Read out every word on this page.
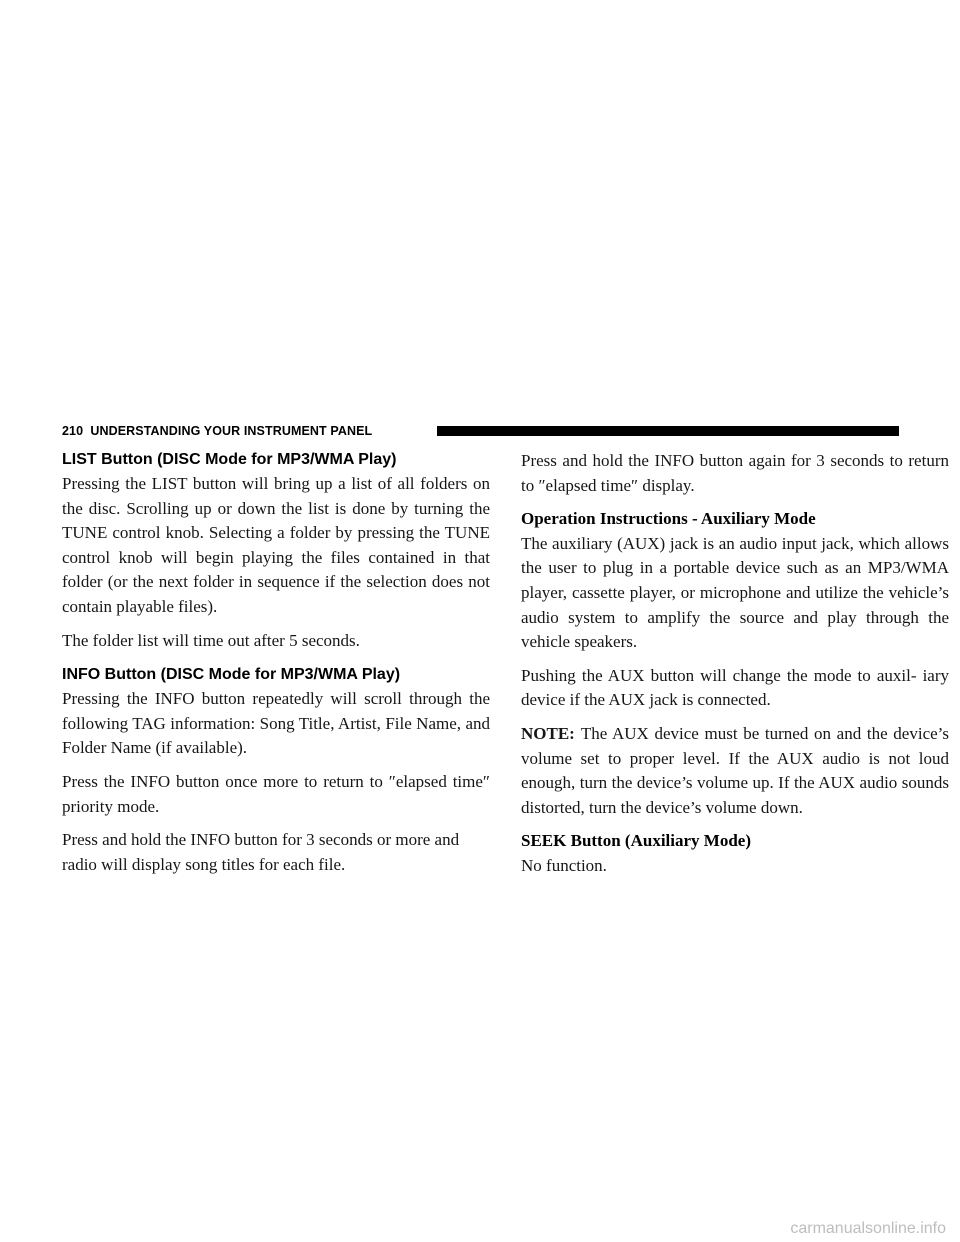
210 UNDERSTANDING YOUR INSTRUMENT PANEL
LIST Button (DISC Mode for MP3/WMA Play)

Pressing the LIST button will bring up a list of all folders on the disc. Scrolling up or down the list is done by turning the TUNE control knob. Selecting a folder by pressing the TUNE control knob will begin playing the files contained in that folder (or the next folder in sequence if the selection does not contain playable files).

The folder list will time out after 5 seconds.

INFO Button (DISC Mode for MP3/WMA Play)

Pressing the INFO button repeatedly will scroll through the following TAG information: Song Title, Artist, File Name, and Folder Name (if available).

Press the INFO button once more to return to ″elapsed time″ priority mode.

Press and hold the INFO button for 3 seconds or more and radio will display song titles for each file.

Press and hold the INFO button again for 3 seconds to return to ″elapsed time″ display.

Operation Instructions - Auxiliary Mode

The auxiliary (AUX) jack is an audio input jack, which allows the user to plug in a portable device such as an MP3/WMA player, cassette player, or microphone and utilize the vehicle’s audio system to amplify the source and play through the vehicle speakers.

Pushing the AUX button will change the mode to auxil- iary device if the AUX jack is connected.

NOTE: The AUX device must be turned on and the device’s volume set to proper level. If the AUX audio is not loud enough, turn the device’s volume up. If the AUX audio sounds distorted, turn the device’s volume down.

SEEK Button (Auxiliary Mode)

No function.

carmanualsonline.info
